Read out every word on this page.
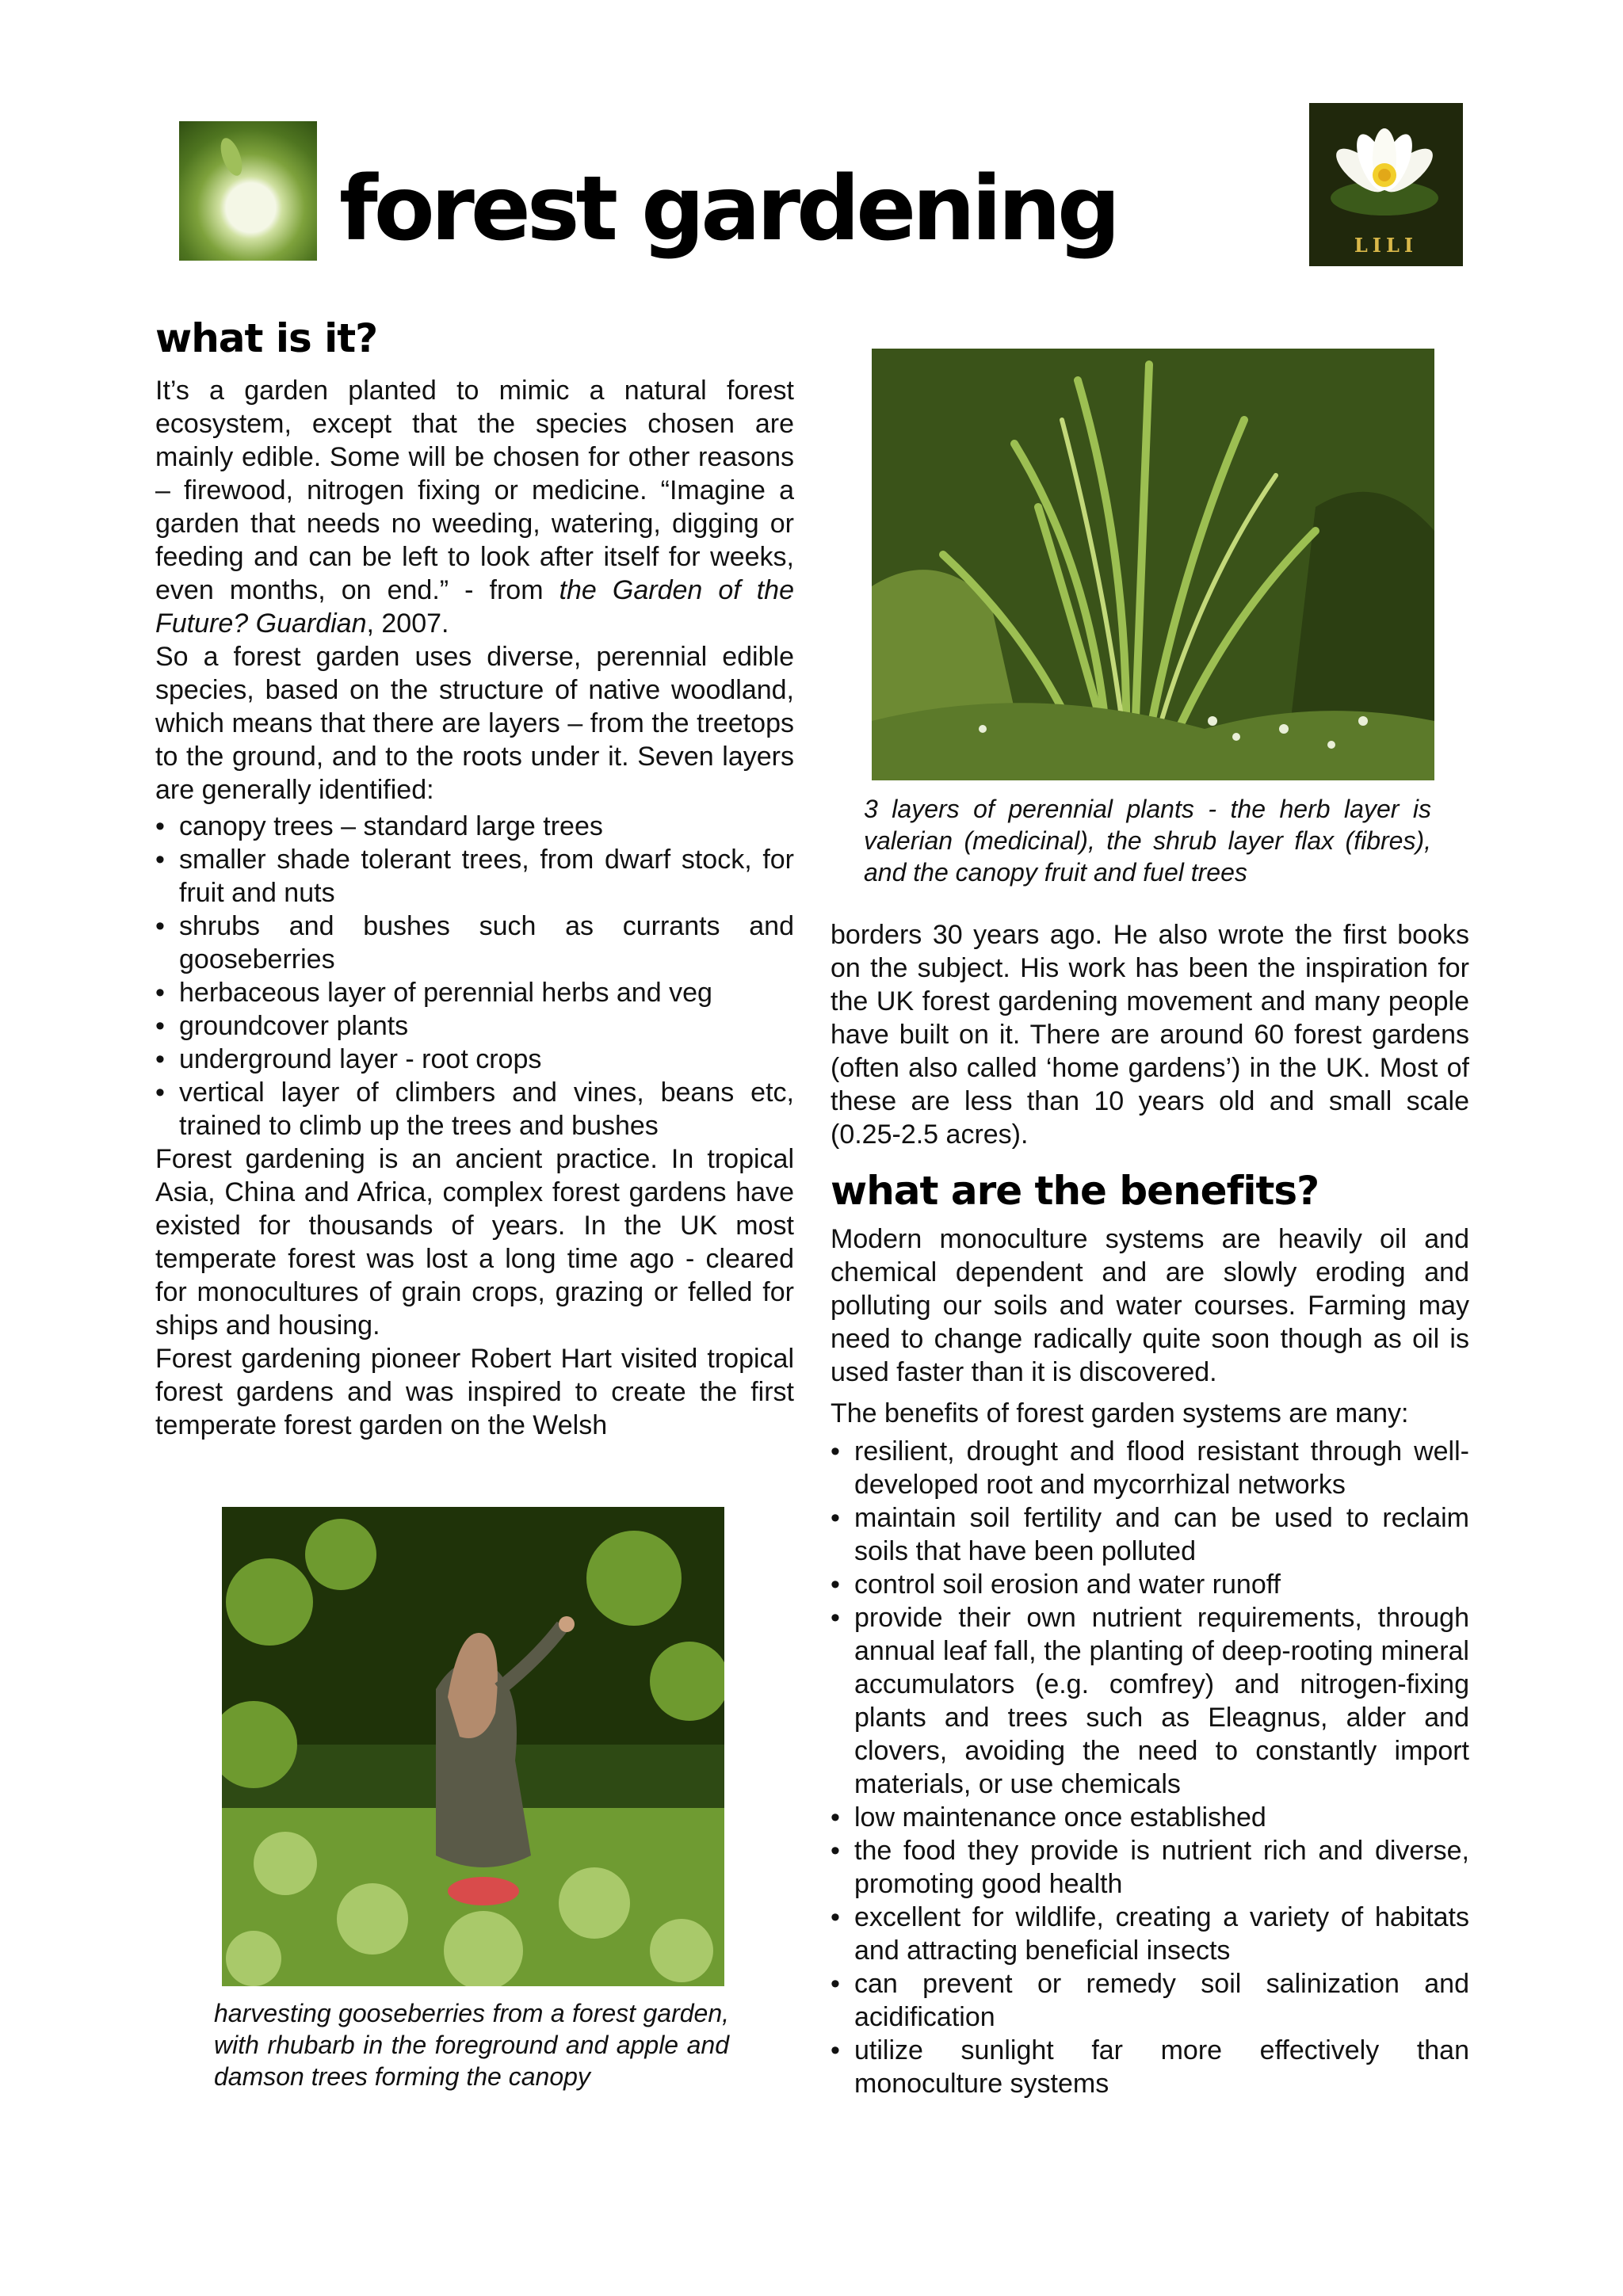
forest gardening	LILI
what is it?

It’s a garden planted to mimic a natural forest ecosystem, except that the species chosen are mainly edible. Some will be chosen for other reasons – firewood, nitrogen fixing or medicine. “Imagine a garden that needs no weeding, watering, digging or feeding and can be left to look after itself for weeks, even months, on end.” - from the Garden of the Future? Guardian, 2007.

So a forest garden uses diverse, perennial edible species, based on the structure of native woodland, which means that there are layers – from the treetops to the ground, and to the roots under it. Seven layers are generally identified:

• canopy trees – standard large trees
• smaller shade tolerant trees, from dwarf stock, for fruit and nuts
• shrubs and bushes such as currants and gooseberries
• herbaceous layer of perennial herbs and veg
• groundcover plants
• underground layer - root crops
• vertical layer of climbers and vines, beans etc, trained to climb up the trees and bushes

Forest gardening is an ancient practice. In tropical Asia, China and Africa, complex forest gardens have existed for thousands of years. In the UK most temperate forest was lost a long time ago - cleared for monocultures of grain crops, grazing or felled for ships and housing.

Forest gardening pioneer Robert Hart visited tropical forest gardens and was inspired to create the first temperate forest garden on the Welsh

3 layers of perennial plants - the herb layer is valerian (medicinal), the shrub layer flax (fibres), and the canopy fruit and fuel trees
harvesting gooseberries from a forest garden, with rhubarb in the foreground and apple and damson trees forming the canopy

borders 30 years ago. He also wrote the first books on the subject. His work has been the inspiration for the UK forest gardening movement and many people have built on it. There are around 60 forest gardens (often also called ‘home gardens’) in the UK. Most of these are less than 10 years old and small scale (0.25-2.5 acres).

what are the benefits?

Modern monoculture systems are heavily oil and chemical dependent and are slowly eroding and polluting our soils and water courses. Farming may need to change radically quite soon though as oil is used faster than it is discovered.

The benefits of forest garden systems are many:

• resilient, drought and flood resistant through well-developed root and mycorrhizal networks
• maintain soil fertility and can be used to reclaim soils that have been polluted
• control soil erosion and water runoff
• provide their own nutrient requirements, through annual leaf fall, the planting of deep-rooting mineral accumulators (e.g. comfrey) and nitrogen-fixing plants and trees such as Eleagnus, alder and clovers, avoiding the need to constantly import materials, or use chemicals
• low maintenance once established
• the food they provide is nutrient rich and diverse, promoting good health
• excellent for wildlife, creating a variety of habitats and attracting beneficial insects
• can prevent or remedy soil salinization and acidification
• utilize sunlight far more effectively than monoculture systems
